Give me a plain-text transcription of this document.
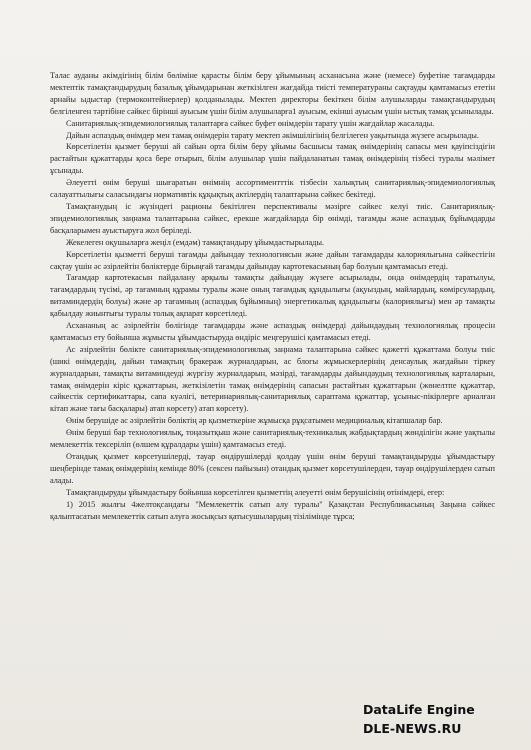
Талас ауданы әкімдігінің білім бөліміне қарасты білім беру ұйымының асханасына және (немесе) буфетіне тағамдарды мектептік тамақтандырудың базалық ұйымдарынан жеткізілген жағдайда тиісті температураны сақтауды қамтамасыз ететін арнайы ыдыстар (термоконтейнерлер) қолданылады. Мектеп директоры бекіткен білім алушыларды тамақтандырудың белгіленген тәртібіне сәйкес бірінші ауысым үшін білім алушыларға1 ауысым, екінші ауысым үшін ыстық тамақ ұсынылады.

Санитариялық-эпидемиологиялық талаптарға сәйкес буфет өнімдерін тарату үшін жағдайлар жасалады.

Дайын аспаздық өнімдер мен тамақ өнімдерін тарату мектеп әкімшілігінің белгілеген уақытында жүзеге асырылады.

Көрсетілетін қызмет беруші ай сайын орта білім беру ұйымы басшысы тамақ өнімдерінің сапасы мен қауіпсіздігін растайтын құжаттарды қоса бере отырып, білім алушылар үшін пайдаланатын тамақ өнімдерінің тізбесі туралы мәлімет ұсынады.

Әлеуетті өнім беруші шығаратын өнімнің ассортиментттік тізбесін халықтың санитариялық-эпидемиологиялық салауаттылығы саласындағы нормативтік құқықтық актілердің талаптарына сәйкес бекітеді.

Тамақтанудың іс жүзіндегі рационы бекітілген перспективалы мәзірге сәйкес келуі тиіс. Санитариялық-эпидемиологиялық заңнама талаптарына сәйкес, ерекше жағдайларда бір өнімді, тағамды және аспаздық бұйымдарды басқаларымен ауыстыруға жол беріледі.

Жекелеген оқушыларға жеңіл (емдәм) тамақтандыру ұйымдастырылады.

Көрсетілетін қызметті беруші тағамды дайындау технологиясын және дайын тағамдарды калориялығына сәйкестігін сақтау үшін әс әзірлейтін бөліктерде бірыңғай тағамды дайындау картотекасының бар болуын қамтамасыз етеді.

Тағамдар картотекасын пайдалану арқылы тамақты дайындау жүзеге асырылады, онда өнімдердің таратылуы, тағамдардың түсімі, әр тағамның құрамы туралы және оның тағамдық құндылығы (ақуыздың, майлардың, көмірсулардың, витаминдердің болуы) және әр тағамның (аспаздық бұйымның) энергетикалық құндылығы (калориялығы) мен әр тамақты қабылдау жиынтығы туралы толық ақпарат көрсетіледі.

Асхананың ас әзірлейтін бөлігінде тағамдарды және аспаздық өнімдерді дайындаудың технологиялық процесін қамтамасыз ету бойынша жұмысты ұйымдастыруда өндіріс меңгерушісі қамтамасыз етеді.

Ас әзірлейтін бөлікте санитариялық-эпидемиологиялық заңнама талаптарына сәйкес қажетті құжаттама болуы тиіс (шикі өнімдердің, дайын тамақтың бракераж журналдарын, ас блогы жұмыскерлерінің денсаулық жағдайын тіркеу журналдарын, тамақты витаминдеуді жүргізу журналдарын, мәзірді, тағамдарды дайындаудың технологиялық карталарын, тамақ өнімдерін кіріс құжаттарын, жеткізілетін тамақ өнімдерінің сапасын растайтын құжаттарын (жөнелтпе құжаттар, сәйкестік сертификаттары, сапа куәлігі, ветеринариялық-санитариялық сараптама құжаттар, ұсыныс-пікірлерге арналған кітап және тағы басқалары) атап көрсету) атап көрсету).

Өнім берушіде ас әзірлейтін бөліктің әр қызметкеріне жұмысқа рұқсатымен медициналық кітапшалар бар.

Өнім беруші бар технологиялық, тоңазытқыш және санитариялық-техникалық жабдықтардың жөнділігін және уақтылы мемлекеттік тексеріліп (өлшем құралдары үшін) қамтамасыз етеді.

Отандық қызмет көрсетушілерді, тауар өндірушілерді қолдау үшін өнім беруші тамақтандыруды ұйымдастыру шеңберінде тамақ өнімдерінің кемінде 80% (сексен пайызын) отандық қызмет көрсетушілерден, тауар өндірушілерден сатып алады.

Тамақтандыруды ұйымдастыру бойынша көрсетілген қызметтің әлеуетті өнім берушісінің өтінімдері, егер:

1) 2015 жылғы 4желтоқсандағы "Мемлекеттік сатып алу туралы" Қазақстан Республикасының Заңына сәйкес қалыптасатын мемлекеттік сатып алуға жосықсыз қатысушылардың тізілімінде тұрса;

DataLife Engine
DLE-NEWS.RU
